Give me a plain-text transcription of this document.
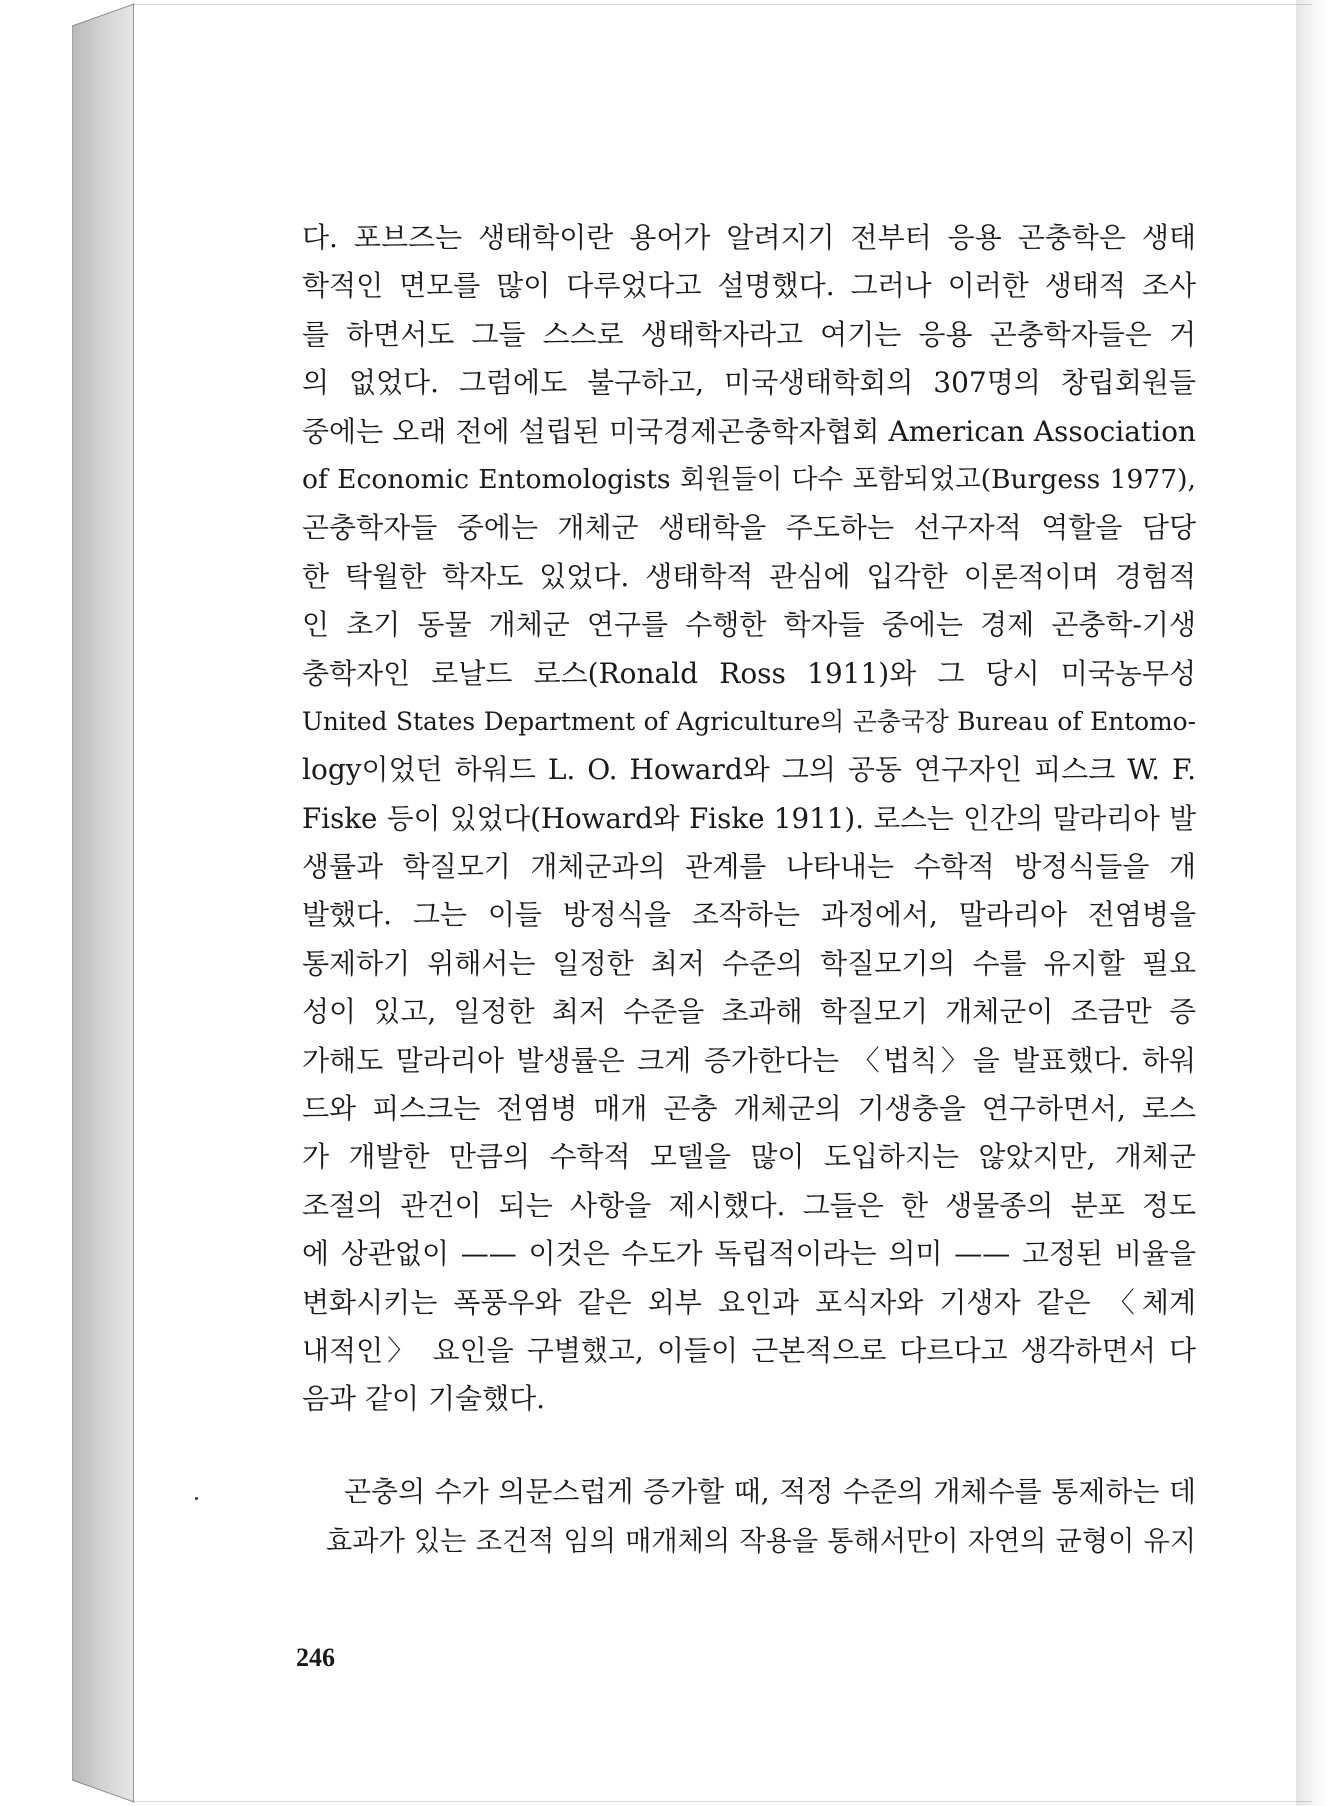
다. 포브즈는 생태학이란 용어가 알려지기 전부터 응용 곤충학은 생태
학적인 면모를 많이 다루었다고 설명했다. 그러나 이러한 생태적 조사
를 하면서도 그들 스스로 생태학자라고 여기는 응용 곤충학자들은 거
의 없었다. 그럼에도 불구하고, 미국생태학회의 307명의 창립회원들
중에는 오래 전에 설립된 미국경제곤충학자협회 American Association
of Economic Entomologists 회원들이 다수 포함되었고(Burgess 1977),
곤충학자들 중에는 개체군 생태학을 주도하는 선구자적 역할을 담당
한 탁월한 학자도 있었다. 생태학적 관심에 입각한 이론적이며 경험적
인 초기 동물 개체군 연구를 수행한 학자들 중에는 경제 곤충학-기생
충학자인 로날드 로스(Ronald Ross 1911)와 그 당시 미국농무성
United States Department of Agriculture의 곤충국장 Bureau of Entomo-
logy이었던 하워드 L. O. Howard와 그의 공동 연구자인 피스크 W. F.
Fiske 등이 있었다(Howard와 Fiske 1911). 로스는 인간의 말라리아 발
생률과 학질모기 개체군과의 관계를 나타내는 수학적 방정식들을 개
발했다. 그는 이들 방정식을 조작하는 과정에서, 말라리아 전염병을
통제하기 위해서는 일정한 최저 수준의 학질모기의 수를 유지할 필요
성이 있고, 일정한 최저 수준을 초과해 학질모기 개체군이 조금만 증
가해도 말라리아 발생률은 크게 증가한다는 〈법칙〉을 발표했다. 하워
드와 피스크는 전염병 매개 곤충 개체군의 기생충을 연구하면서, 로스
가 개발한 만큼의 수학적 모델을 많이 도입하지는 않았지만, 개체군
조절의 관건이 되는 사항을 제시했다. 그들은 한 생물종의 분포 정도
에 상관없이 —— 이것은 수도가 독립적이라는 의미 —— 고정된 비율을
변화시키는 폭풍우와 같은 외부 요인과 포식자와 기생자 같은 〈체계
내적인〉 요인을 구별했고, 이들이 근본적으로 다르다고 생각하면서 다
음과 같이 기술했다.
곤충의 수가 의문스럽게 증가할 때, 적정 수준의 개체수를 통제하는 데
효과가 있는 조건적 임의 매개체의 작용을 통해서만이 자연의 균형이 유지
246
